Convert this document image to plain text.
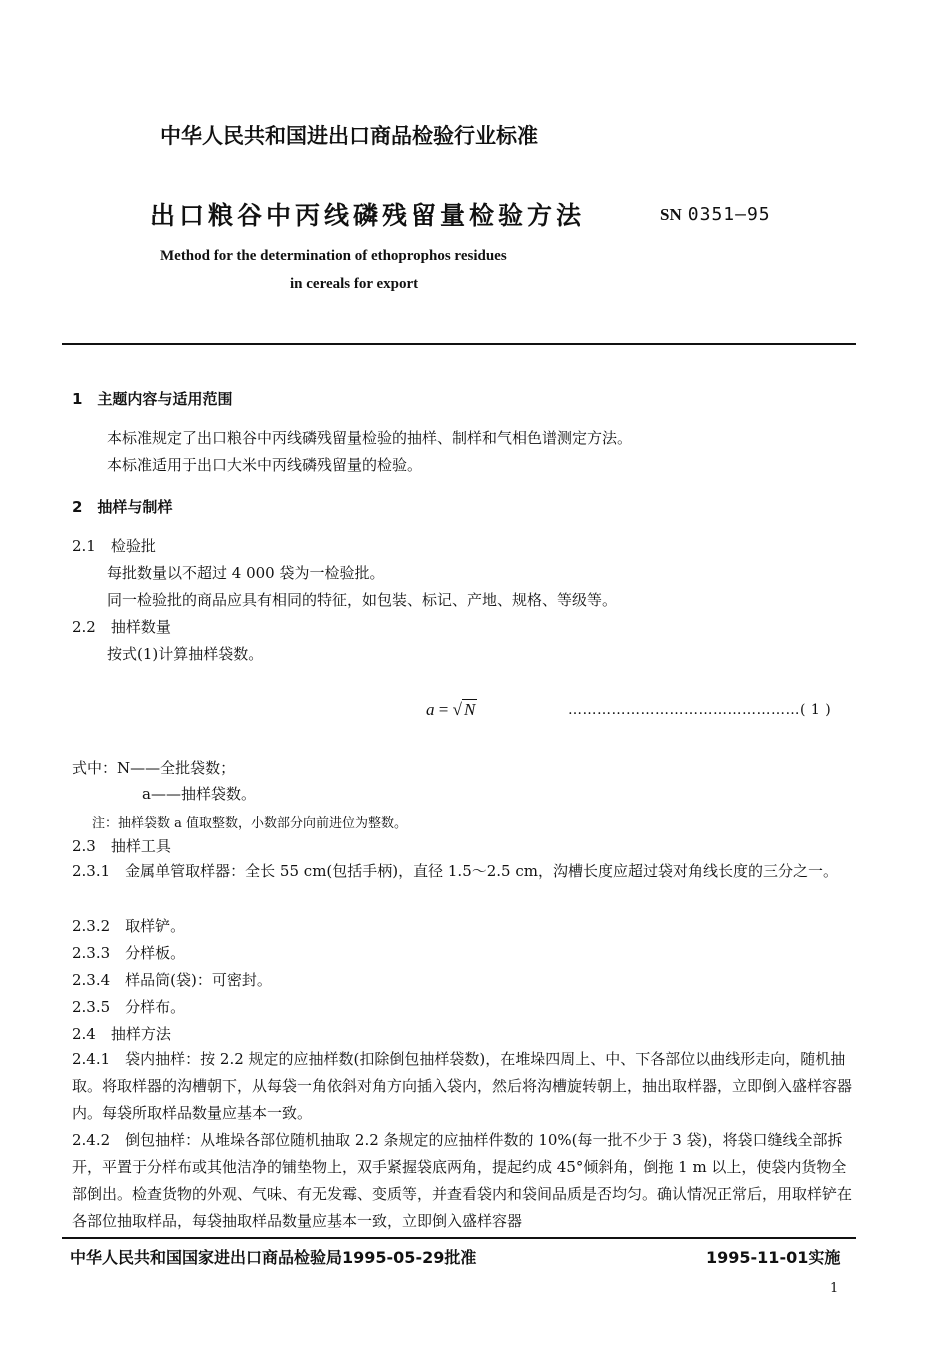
中华人民共和国进出口商品检验行业标准
出口粮谷中丙线磷残留量检验方法	SN 0351—95
Method for the determination of ethoprophos residues
in cereals for export
1　主题内容与适用范围
本标准规定了出口粮谷中丙线磷残留量检验的抽样、制样和气相色谱测定方法。
本标准适用于出口大米中丙线磷残留量的检验。
2　抽样与制样
2.1　检验批
每批数量以不超过 4 000 袋为一检验批。
同一检验批的商品应具有相同的特征，如包装、标记、产地、规格、等级等。
2.2　抽样数量
按式(1)计算抽样袋数。
a = √ N	…………………………………………( 1 )
式中：N——全批袋数；
a——抽样袋数。
注：抽样袋数 a 值取整数，小数部分向前进位为整数。
2.3　抽样工具
2.3.1　金属单管取样器：全长 55 cm(包括手柄)，直径 1.5～2.5 cm，沟槽长度应超过袋对角线长度的三分之一。
2.3.2　取样铲。
2.3.3　分样板。
2.3.4　样品筒(袋)：可密封。
2.3.5　分样布。
2.4　抽样方法
2.4.1　袋内抽样：按 2.2 规定的应抽样数(扣除倒包抽样袋数)，在堆垛四周上、中、下各部位以曲线形走向，随机抽取。将取样器的沟槽朝下，从每袋一角依斜对角方向插入袋内，然后将沟槽旋转朝上，抽出取样器，立即倒入盛样容器内。每袋所取样品数量应基本一致。
2.4.2　倒包抽样：从堆垛各部位随机抽取 2.2 条规定的应抽样件数的 10%(每一批不少于 3 袋)，将袋口缝线全部拆开，平置于分样布或其他洁净的铺垫物上，双手紧握袋底两角，提起约成 45°倾斜角，倒拖 1 m 以上，使袋内货物全部倒出。检查货物的外观、气味、有无发霉、变质等，并查看袋内和袋间品质是否均匀。确认情况正常后，用取样铲在各部位抽取样品，每袋抽取样品数量应基本一致，立即倒入盛样容器
中华人民共和国国家进出口商品检验局1995-05-29批准	1995-11-01实施
1
